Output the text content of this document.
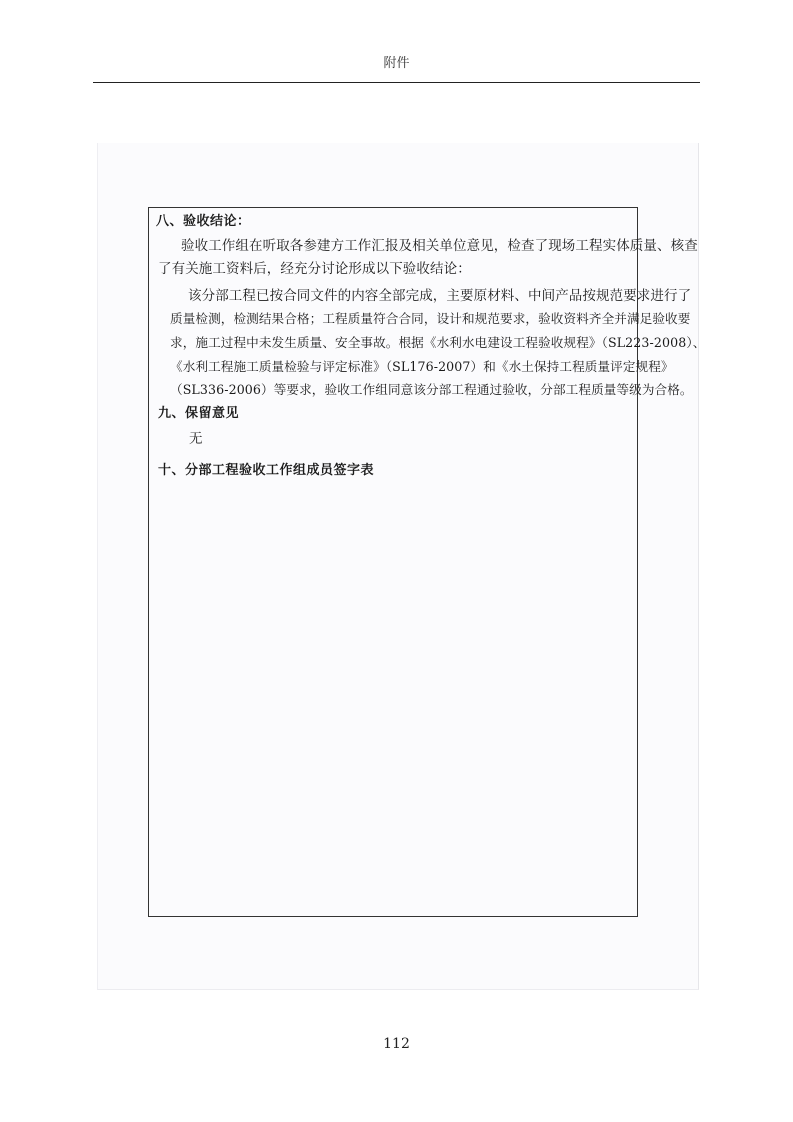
附件
八、验收结论：
验收工作组在听取各参建方工作汇报及相关单位意见，检查了现场工程实体质量、核查
了有关施工资料后，经充分讨论形成以下验收结论：
该分部工程已按合同文件的内容全部完成，主要原材料、中间产品按规范要求进行了
质量检测，检测结果合格；工程质量符合合同，设计和规范要求，验收资料齐全并满足验收要
求，施工过程中未发生质量、安全事故。根据《水利水电建设工程验收规程》（SL223-2008）、
《水利工程施工质量检验与评定标准》（SL176-2007）和《水土保持工程质量评定规程》
（SL336-2006）等要求，验收工作组同意该分部工程通过验收，分部工程质量等级为合格。
九、保留意见
无
十、分部工程验收工作组成员签字表
112
